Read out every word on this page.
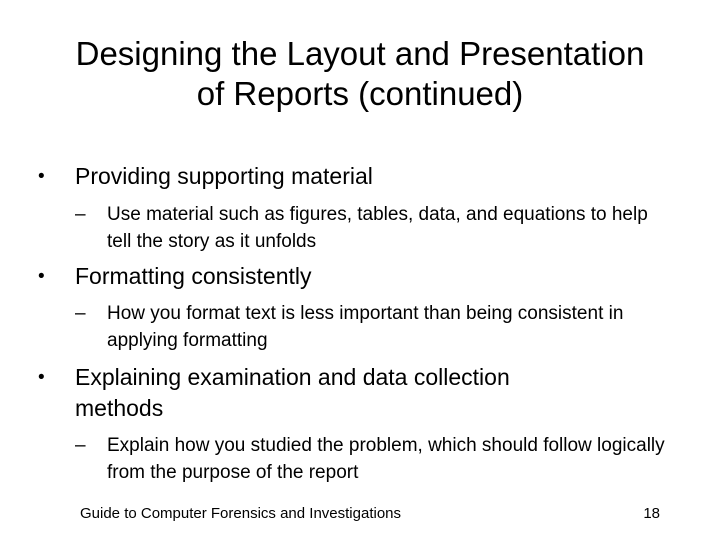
Designing the Layout and Presentation
of Reports (continued)
• Providing supporting material
– Use material such as figures, tables, data, and equations to help tell the story as it unfolds
• Formatting consistently
– How you format text is less important than being consistent in applying formatting
• Explaining examination and data collection methods
– Explain how you studied the problem, which should follow logically from the purpose of the report
Guide to Computer Forensics and Investigations	18
